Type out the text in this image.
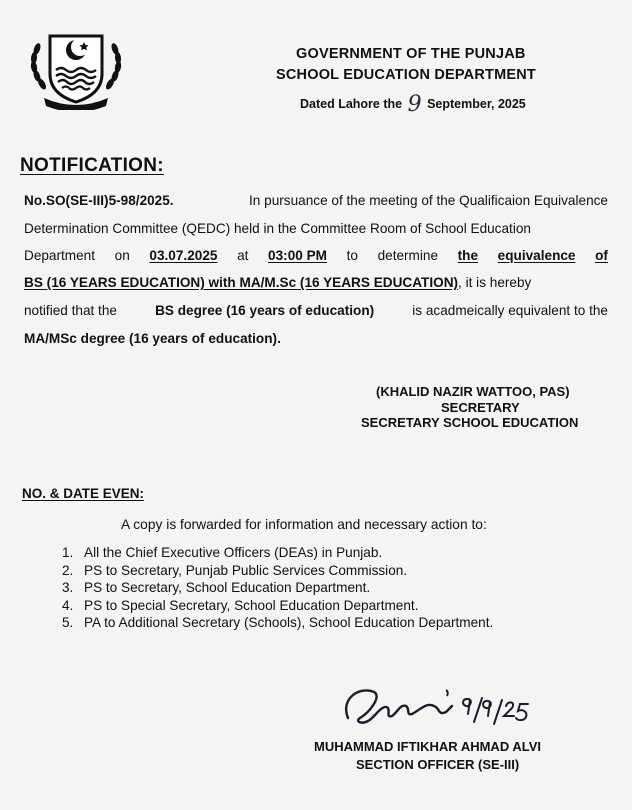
GOVERNMENT OF THE PUNJAB
SCHOOL EDUCATION DEPARTMENT
Dated Lahore the 9 September, 2025
NOTIFICATION:
No.SO(SE-III)5-98/2025.	In pursuance of the meeting of the Qualificaion Equivalence
Determination Committee (QEDC) held in the Committee Room of School Education
Department on 03.07.2025 at 03:00 PM to determine the equivalence of
BS (16 YEARS EDUCATION) with MA/M.Sc (16 YEARS EDUCATION), it is hereby
notified that the	BS degree (16 years of education)	is acadmeically equivalent to the
MA/MSc degree (16 years of education).
(KHALID NAZIR WATTOO, PAS)
SECRETARY
SECRETARY SCHOOL EDUCATION
NO. & DATE EVEN:
A copy is forwarded for information and necessary action to:
1. All the Chief Executive Officers (DEAs) in Punjab.
2. PS to Secretary, Punjab Public Services Commission.
3. PS to Secretary, School Education Department.
4. PS to Special Secretary, School Education Department.
5. PA to Additional Secretary (Schools), School Education Department.
MUHAMMAD IFTIKHAR AHMAD ALVI
SECTION OFFICER (SE-III)
